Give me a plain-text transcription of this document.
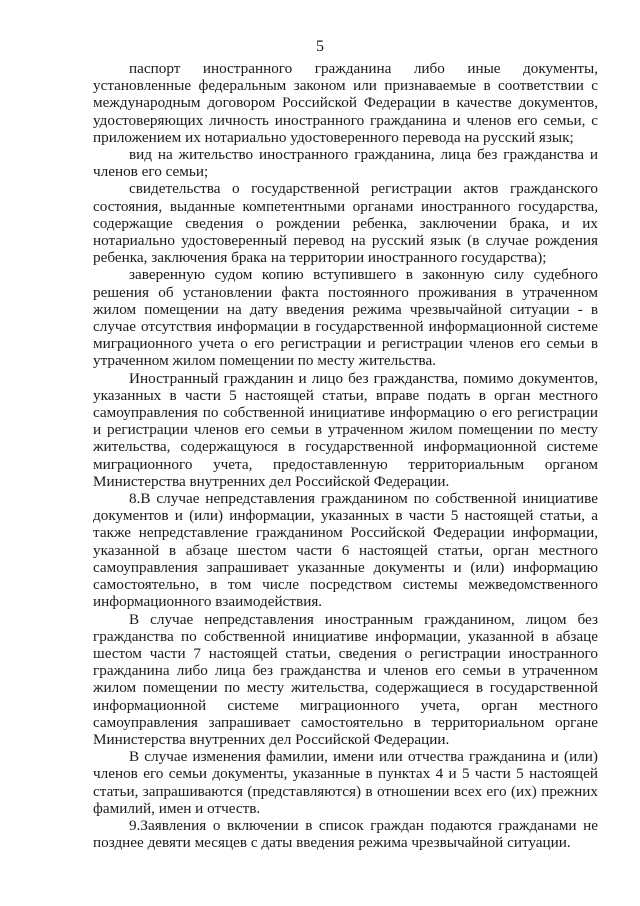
5

паспорт иностранного гражданина либо иные документы, установленные федеральным законом или признаваемые в соответствии с международным договором Российской Федерации в качестве документов, удостоверяющих личность иностранного гражданина и членов его семьи, с приложением их нотариально удостоверенного перевода на русский язык;

вид на жительство иностранного гражданина, лица без гражданства и членов его семьи;

свидетельства о государственной регистрации актов гражданского состояния, выданные компетентными органами иностранного государства, содержащие сведения о рождении ребенка, заключении брака, и их нотариально удостоверенный перевод на русский язык (в случае рождения ребенка, заключения брака на территории иностранного государства);

заверенную судом копию вступившего в законную силу судебного решения об установлении факта постоянного проживания в утраченном жилом помещении на дату введения режима чрезвычайной ситуации - в случае отсутствия информации в государственной информационной системе миграционного учета о его регистрации и регистрации членов его семьи в утраченном жилом помещении по месту жительства.

Иностранный гражданин и лицо без гражданства, помимо документов, указанных в части 5 настоящей статьи, вправе подать в орган местного самоуправления по собственной инициативе информацию о его регистрации и регистрации членов его семьи в утраченном жилом помещении по месту жительства, содержащуюся в государственной информационной системе миграционного учета, предоставленную территориальным органом Министерства внутренних дел Российской Федерации.

8.В случае непредставления гражданином по собственной инициативе документов и (или) информации, указанных в части 5 настоящей статьи, а также непредставление гражданином Российской Федерации информации, указанной в абзаце шестом части 6 настоящей статьи, орган местного самоуправления запрашивает указанные документы и (или) информацию самостоятельно, в том числе посредством системы межведомственного информационного взаимодействия.

В случае непредставления иностранным гражданином, лицом без гражданства по собственной инициативе информации, указанной в абзаце шестом части 7 настоящей статьи, сведения о регистрации иностранного гражданина либо лица без гражданства и членов его семьи в утраченном жилом помещении по месту жительства, содержащиеся в государственной информационной системе миграционного учета, орган местного самоуправления запрашивает самостоятельно в территориальном органе Министерства внутренних дел Российской Федерации.

В случае изменения фамилии, имени или отчества гражданина и (или) членов его семьи документы, указанные в пунктах 4 и 5 части 5 настоящей статьи, запрашиваются (представляются) в отношении всех его (их) прежних фамилий, имен и отчеств.

9.Заявления о включении в список граждан подаются гражданами не позднее девяти месяцев с даты введения режима чрезвычайной ситуации.
